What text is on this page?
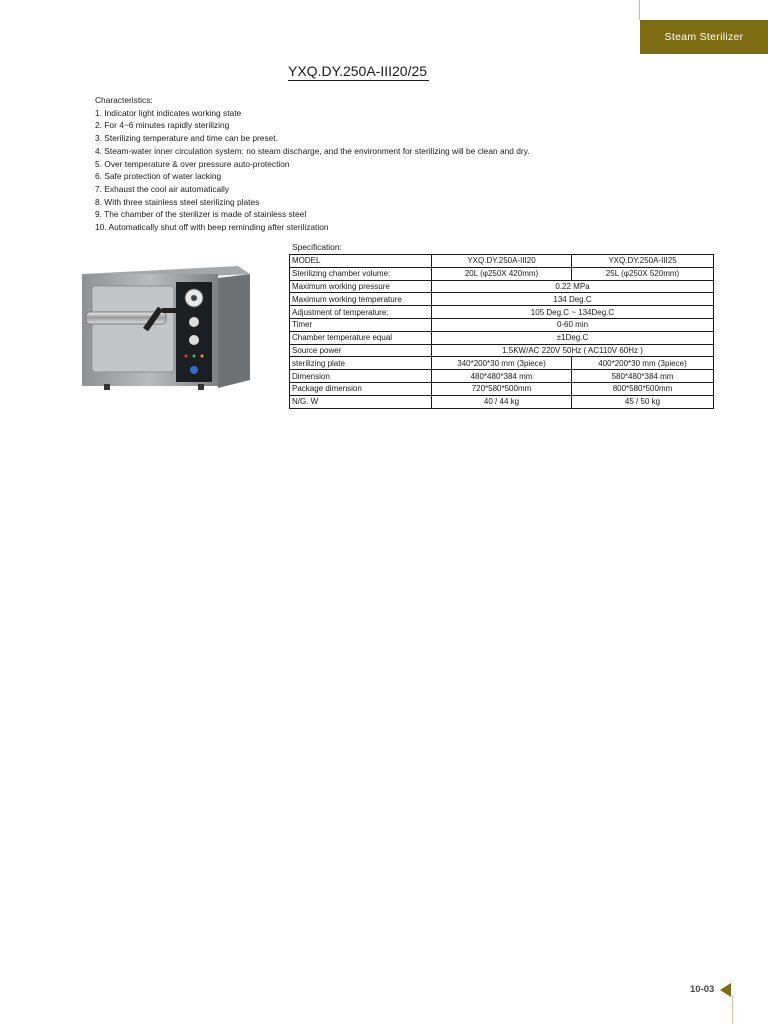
Steam Sterilizer
YXQ.DY.250A-III20/25
Characteristics:
1. Indicator light indicates working state
2. For 4~6 minutes rapidly sterilizing
3. Sterilizing temperature and time can be preset.
4. Steam-water inner circulation system: no steam discharge, and the environment for sterilizing will be clean and dry.
5. Over temperature & over pressure auto-protection
6. Safe protection of water lacking
7. Exhaust the cool air automatically
8. With three stainless steel sterilizing plates
9. The chamber of the sterilizer is made of stainless steel
10. Automatically shut off with beep reminding after sterilization
Specification:
MODEL	YXQ.DY.250A-III20	YXQ.DY.250A-III25
Sterilizing chamber volume:	20L (φ250X 420mm)	25L (φ250X 520mm)
Maximum working pressure	0.22 MPa	
Maximum working temperature	134 Deg.C	
Adjustment of temperature:	105 Deg.C ~ 134Deg.C	
Timer	0-60 min	
Chamber temperature equal	±1Deg.C	
Source power	1.5KW/AC 220V 50Hz ( AC110V 60Hz )	
sterilizing plate	340*200*30 mm (3piece)	400*200*30 mm (3piece)
Dimension	480*480*384 mm	580*480*384 mm
Package dimension	720*580*500mm	800*580*500mm
N/G. W	40 / 44 kg	45 / 50 kg
10-03
